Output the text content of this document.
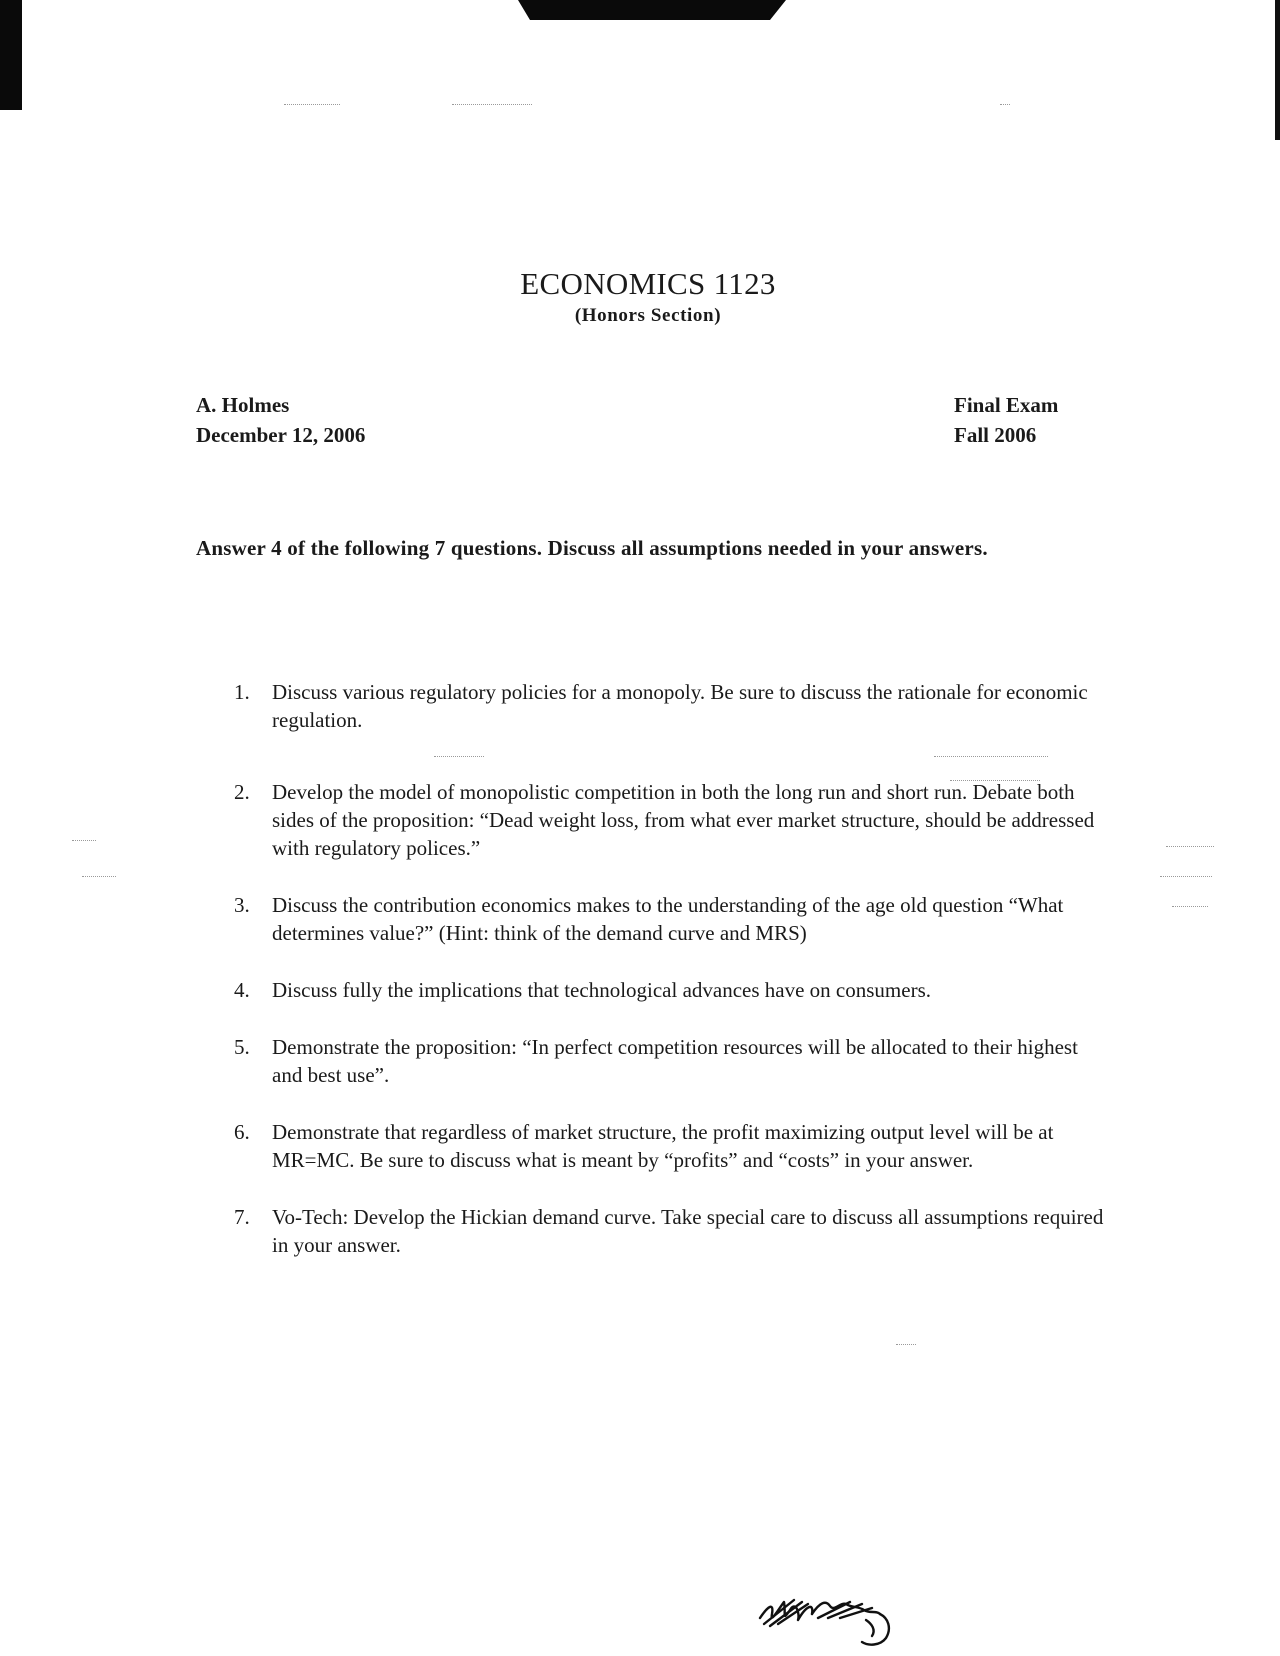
ECONOMICS 1123
(Honors Section)
A. Holmes
December 12, 2006
Final Exam
Fall 2006
Answer 4 of the following 7 questions. Discuss all assumptions needed in your answers.
1.	Discuss various regulatory policies for a monopoly. Be sure to discuss the rationale for economic regulation.
2.	Develop the model of monopolistic competition in both the long run and short run. Debate both sides of the proposition: “Dead weight loss, from what ever market structure, should be addressed with regulatory polices.”
3.	Discuss the contribution economics makes to the understanding of the age old question “What determines value?” (Hint: think of the demand curve and MRS)
4.	Discuss fully the implications that technological advances have on consumers.
5.	Demonstrate the proposition: “In perfect competition resources will be allocated to their highest and best use”.
6.	Demonstrate that regardless of market structure, the profit maximizing output level will be at MR=MC. Be sure to discuss what is meant by “profits” and “costs” in your answer.
7.	Vo-Tech: Develop the Hickian demand curve. Take special care to discuss all assumptions required in your answer.
